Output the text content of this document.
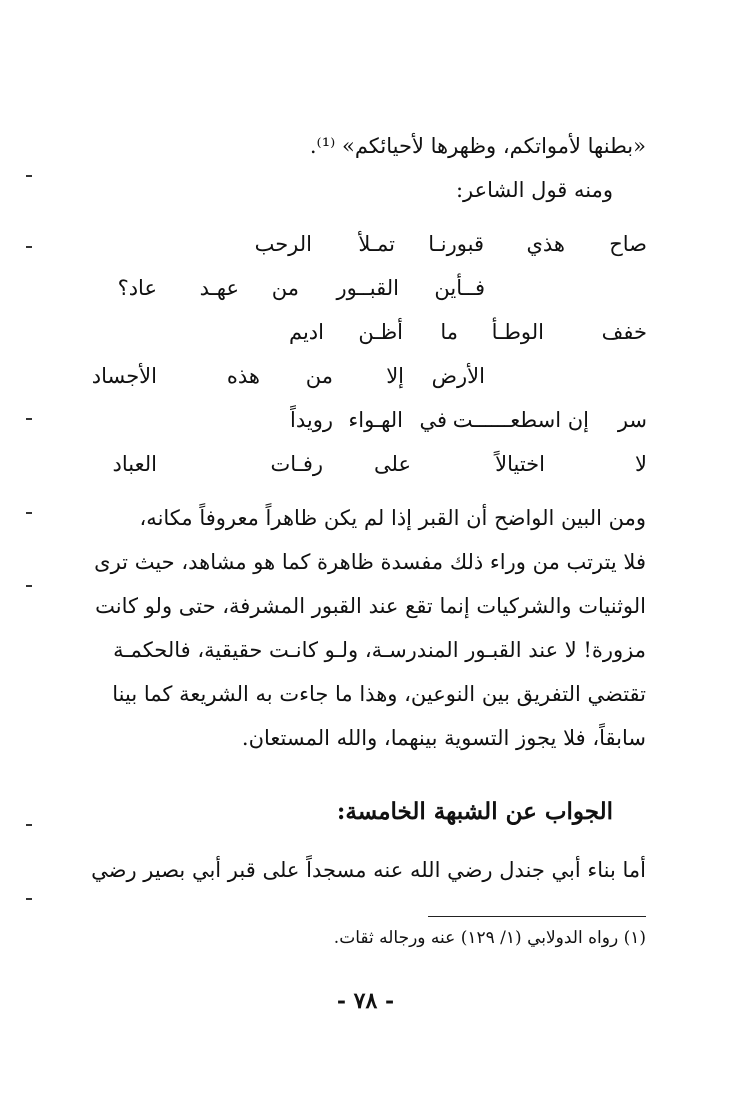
«بطنها لأمواتكم، وظهرها لأحيائكم» ⁽¹⁾.
ومنه قول الشاعر:
صاح
هذي
قبورنـا
تمـلأ
الرحب
فــأين
القبــور
من
عهـد
عاد؟
خفف
الوطـأ
ما
أظـن
اديم
الأرض
إلا
من
هذه
الأجساد
سر
إن اسطعــــــت
في
الهـواء
رويداً
لا
اختيالاً
على
رفـات
العباد
ومن البين الواضح أن القبر إذا لم يكن ظاهراً معروفاً مكانه،
فلا يترتب من وراء ذلك مفسدة ظاهرة كما هو مشاهد، حيث ترى
الوثنيات والشركيات إنما تقع عند القبور المشرفة، حتى ولو كانت
مزورة! لا عند القبـور المندرسـة، ولـو كانـت حقيقية، فالحكمـة
تقتضي التفريق بين النوعين، وهذا ما جاءت به الشريعة كما بينا
سابقاً، فلا يجوز التسوية بينهما، والله المستعان.
الجواب عن الشبهة الخامسة:
أما بناء أبي جندل رضي الله عنه مسجداً على قبر أبي بصير رضي
(١) رواه الدولابي (١/ ١٢٩) عنه ورجاله ثقات.
- ٧٨ -
